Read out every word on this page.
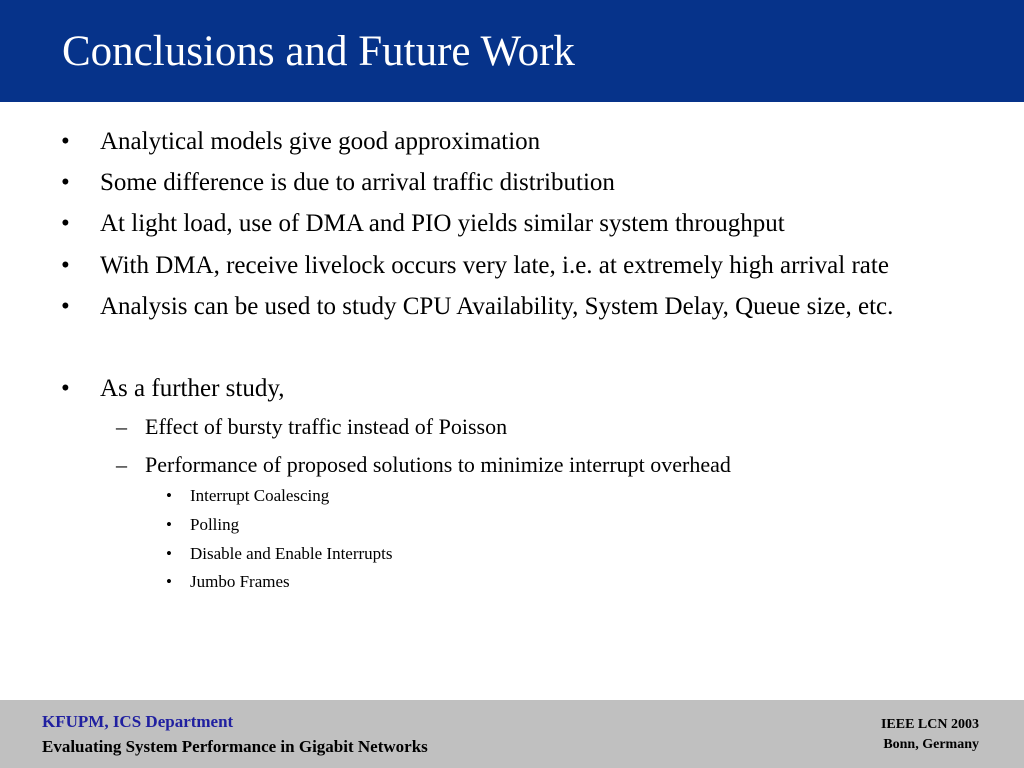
Conclusions and Future Work
• Analytical models give good approximation
• Some difference is due to arrival traffic distribution
• At light load, use of DMA and PIO yields similar system throughput
• With DMA, receive livelock occurs very late, i.e. at extremely high arrival rate
• Analysis can be used to study CPU Availability, System Delay, Queue size, etc.
• As a further study,
– Effect of bursty traffic instead of Poisson
– Performance of proposed solutions to minimize interrupt overhead
• Interrupt Coalescing
• Polling
• Disable and Enable Interrupts
• Jumbo Frames
KFUPM, ICS Department
Evaluating System Performance in Gigabit Networks
IEEE LCN 2003
Bonn, Germany
